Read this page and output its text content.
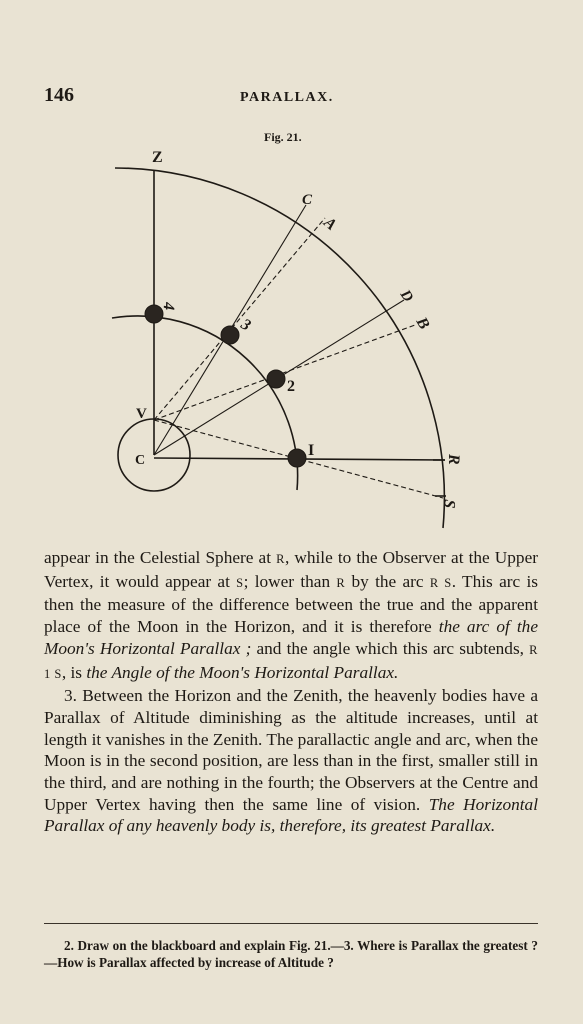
146	PARALLAX.
Fig. 21.
Z
C
A
D
B
R
S
V
C
4
3
2
I

appear in the Celestial Sphere at R, while to the Observer at the Upper Vertex, it would appear at S; lower than R by the arc R S. This arc is then the measure of the difference between the true and the apparent place of the Moon in the Horizon, and it is therefore the arc of the Moon's Horizontal Parallax ; and the angle which this arc subtends, R 1 S, is the Angle of the Moon's Horizontal Parallax.

3. Between the Horizon and the Zenith, the heavenly bodies have a Parallax of Altitude diminishing as the altitude increases, until at length it vanishes in the Zenith. The parallactic angle and arc, when the Moon is in the second position, are less than in the first, smaller still in the third, and are nothing in the fourth; the Observers at the Centre and Upper Vertex having then the same line of vision. The Horizontal Parallax of any heavenly body is, therefore, its greatest Parallax.

2. Draw on the blackboard and explain Fig. 21.—3. Where is Parallax the greatest ?—How is Parallax affected by increase of Altitude ?
